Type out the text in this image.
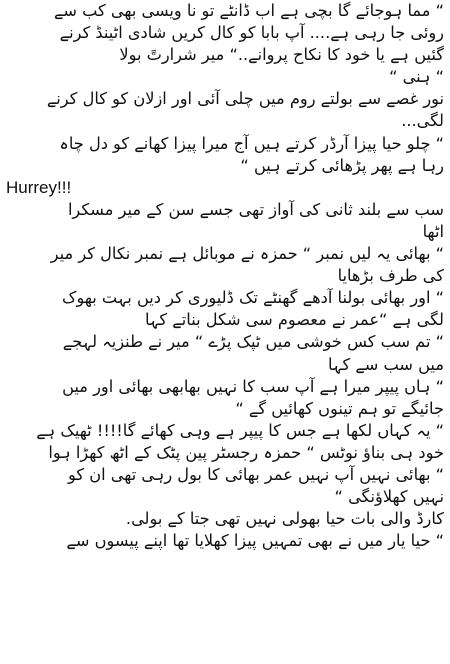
“ مما ہوجائے گا بچی ہے اب ڈانٹے تو نا ویسی بھی کب سے
روئی جا رہی ہے.... آپ بابا کو کال کریں شادی اٹینڈ کرنے
گئیں ہے یا خود کا نکاح پروانے..“ میر شرارتً بولا
“ ہنی “
نور غصے سے بولتے روم میں چلی آئی اور ازلان کو کال کرنے
لگی...
“ چلو حیا پیزا آرڈر کرتے ہیں آج میرا پیزا کھانے کو دل چاہ
رہا ہے پھر پڑھائی کرتے ہیں “
Hurrey!!!
سب سے بلند ثانی کی آواز تھی جسے سن کے میر مسکرا
اٹھا
“ بھائی یہ لیں نمبر “ حمزہ نے موبائل ہے نمبر نکال کر میر
کی طرف بڑھایا
“ اور بھائی بولنا آدھے گھنٹے تک ڈلیوری کر دیں بہت بھوک
لگی ہے “عمر نے معصوم سی شکل بناتے کہا
“ تم سب کس خوشی میں ٹپک پڑے “ میر نے طنزیہ لہجے
میں سب سے کہا
“ ہاں پیپر میرا ہے آپ سب کا نہیں بھابھی بھائی اور میں
جائیگے تو ہم تینوں کھائیں گے “
“ یہ کہاں لکھا ہے جس کا پیپر ہے وہی کھائے گا!!!! ٹھیک ہے
خود ہی بناؤ نوٹس “ حمزہ رجسٹر پین پٹک کے اٹھ کھڑا ہوا
“ بھائی نہیں آپ نہیں عمر بھائی کا بول رہی تھی ان کو
نہیں کھلاؤنگی “
کارڈ والی بات حیا بھولی نہیں تھی جتا کے بولی.
“ حیا یار میں نے بھی تمہیں پیزا کھلایا تھا اپنے پیسوں سے
